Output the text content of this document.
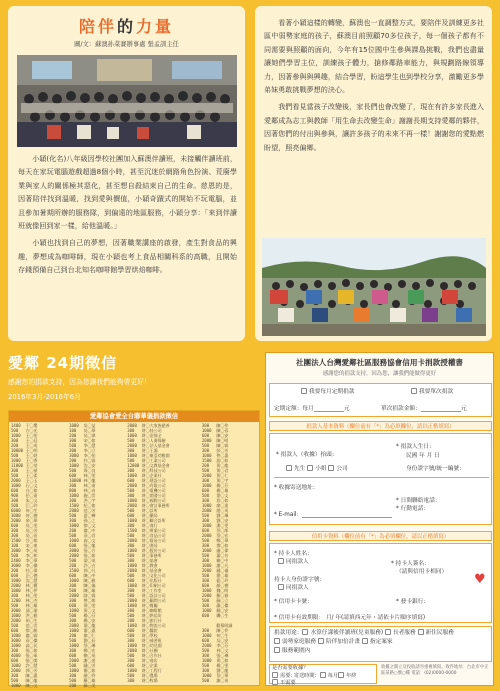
陪伴的力量
圖/文：蘇澳孙菜賽辦事處 張孟訓主任

小穎(化名)八年級因學校社團加入蘇澳伴讀班，未接觸伴讀班前，每天在家玩電腦遊戲超過8個小時，甚至沉迷於網路角色扮演、荒廢學業與家人的關係極其惡化，甚至想自殺結束自己的生命。慈恩的是，因著陪伴找到溫暖，找到愛與價值，小穎奇蹟式的開始不玩電腦，並且參加暑期所辦的服務隊，到偏遠的地區服務，小穎分享：「來到伴讀班就像回到家一樣，給他溫暖。」

小穎也找到自己的夢想，因著職業講座的啟發，產生對食品的興趣，夢想成為咖啡師，現在小穎也考上食品相關科系的高職，且開始存錢預備自己到台北知名咖啡館學習烘焙咖啡。

看著小穎這樣的轉變，蘇澳也一直調整方式，要陪伴及訓練更多社區中弱勢家庭的孩子，蘇澳目前照顧70多位孩子，每一個孩子都有不同需要與照顧的面向，今年有15位國中生參與課島挑戰，我們也盡量讓她們學習主位，訓練孩子體力，搶修鄰路車能力，與規劃路線領導力，因著參與與興趣，結合學習，盼這學生也到學校分享，激勵更多學弟妹勇敢挑戰夢想的決心。

我們看見當孩子改變後，家長們也會改變了，現在有許多家長進入愛鄰成為志工與教師「用生命去改變生命」謝謝長期支持愛鄰的夥伴，因著您們的付出與參與，讓許多孩子的未來不再一樣！謝謝您的愛點燃盼望，照亮偏鄉。

愛鄰 24期徵信
感謝您的捐款支持，因為您讓我們能夠帶更好！
2016年3月-2016年6月
愛鄰協會愛全台聯華儀捐款徵信
1400  于〇嬰
500   方〇光
1000  王〇怡
300   王〇廷
200   王〇英
10000 王〇明
500   王〇財
1000  王〇香
11000 王〇瑩
300   王〇禎
500   王〇柔
2000  王〇玉
1000  石〇文
600   白〇如
900   任〇嘉
300   朱〇文
500   江〇玲
6000  何〇生
3000  何〇德
2000  余〇華
600   吳〇雯
300   吳〇芳
300   吳〇田
1500  呂〇郎
100   宋〇東
1000  李〇英
500   李〇和
2400  李〇華
3000  李〇傑
200   杜〇偉
600   汪〇德
1000  沈〇慧
2000  林〇寶
1000  林〇伊
300   林〇雯
1200  林〇杰
500   林〇雄
3000  邱〇瑜
1000  洪〇雅
2000  胡〇生
500   范〇雲
600   徐〇勝
1000  翁〇霖
3000  袁〇傑
1000  高〇民
300   張〇如
4000  張〇軍
600   張〇閔
1000  許〇慧
2000  郭〇芳
300   陳〇惠
500   陳〇龍
1000  陳〇文
1000  吳〇益
100   吳〇華
200   吳〇澤
300   宋〇如
500   李〇慧
300   李〇立
3000  李〇怡
200   杜〇霖
1000  沈〇安
500   周〇良
600   林〇雯
10000 林〇龍
300   林〇南
800   林〇貞
1000  施〇雲
300   洪〇宇
1500  紀〇如
2000  范〇芳
500   夏〇樺
300   孫〇之
1000  徐〇文
200   翁〇中
500   袁〇君
1000  高〇文
600   張〇龍
3000  張〇方
2000  張〇如
500   梁〇英
200   許〇吉
1500  郭〇凡
600   陳〇中
1000  陳〇雅
300   陳〇儀
500   陳〇雄
2000  陸〇霖
300   曾〇郎
600   黃〇雯
1000  黃〇文
500   楊〇芬
300   楊〇安
2000  葉〇龍
1000  董〇惠
200   廖〇仁
500   劉〇辰
1000  蔡〇琳
300   鄭〇宏
600   賴〇英
2000  謝〇達
500   鍾〇芳
1000  簡〇如
300   顏〇伶
500   羅〇雄
200   蘇〇美
2000  財〇大家族慈善
300   財〇桂公司
1000  財〇安保全
500   財〇人壽保險
2000  財〇法人基金會
300   財〇王鴻
1000  財〇東亞幼稚園
500   財〇工業公司
12000 財〇文教基金會
300   財〇科技公司
1000  財〇企業社
600   財〇建設公司
2000  財〇有限公司
500   財〇電機公司
300   財〇開發公司
1000  財〇國際公司
2000  財〇會計事務所
500   財〇診所
600   財〇藥局
1000  財〇聯合診所
300   財〇商行
1500  財〇實業公司
500   財〇食品公司
2000  財〇貿易公司
300   財〇書局
1000  財〇股份公司
500   財〇事務所
300   財〇協會
1000  財〇教會
2000  財〇基金會
500   財〇文化公司
600   財〇出版社
1000  財〇印刷公司
300   財〇工作室
500   財〇設計公司
2000  財〇顧問公司
1000  財〇餐廳
300   財〇咖啡館
500   財〇烘焙坊
200   財〇旅行社
1000  財〇物流公司
600   財〇醫院
500   財〇學校
300   財〇補習班
1000  財〇幼兒園
2000  財〇社團
500   財〇合作社
300   財〇商店
600   財〇企業
1000  財〇工程行
500   財〇農場
300   財〇牧場
300   陳〇伶
1000  陳〇蓉
600   陳〇安
2000  陳〇明
500   陳〇霖
300   彭〇芳
1000  曾〇惠
1500  游〇如
200   黃〇龍
500   黃〇君
2000  黃〇仁
300   黃〇宇
1000  楊〇芬
600   楊〇雄
500   葉〇文
300   詹〇如
1000  廖〇達
2000  趙〇英
500   劉〇琳
300   劉〇安
1000  潘〇雯
600   蔡〇郎
2000  蔡〇宏
500   鄭〇華
300   鄧〇如
1000  盧〇偉
500   蕭〇芳
300   賴〇中
1000  謝〇凡
2000  鍾〇儀
500   簡〇雄
300   藍〇玲
600   顏〇德
1000  魏〇明
2000  羅〇雅
500   蘇〇立
300   嚴〇傑
1000  饒〇安
600   龔〇生

勸募明細
300   陳〇伶
1000  何〇生
600   吳〇安
2000  李〇芬
500   林〇文
300   張〇琳
1000  黃〇如
500   楊〇雯
300   劉〇龍
1000  蔡〇華
500   謝〇英
社團法人台灣愛鄰社區服務協會信用卡捐款授權書
感謝您的捐款支持，因為您，讓我們能做得更好
我要每月定期捐款	我要單次捐款
定期定額：每月	元	單次捐款金額：	元
捐款人基本資料（欄位前有「*」為必填欄位，請以正楷填寫）
* 捐款人（收據）抬頭：
先生 小姐 公司
* 捐款人生日：
民國 年 月 日
身份證字號/統一編號：
* 收據寄送地址：
* 日間聯絡電話：
* 行動電話：
* E-mail：
信用卡資料（欄位前有「*」為必填欄位，請以正楷填寫）
* 持卡人姓名：
同捐款人	* 持卡人簽名：
（請與信用卡相同）
持卡人身份證字號：
同捐款人
* 信用卡卡號：	* 發卡銀行：
* 信用卡有效期限： 月/ 年(請填西元年・請依卡片順序填寫)
捐款用途： 水算仔課後伴讀班(兒童服務) 長者服務 新住民服務
弱勢家庭服務 陪伴加倍計畫 指定案家
服務範圍內
是否需要收據？
需要: 寄送時間： 每月 年終
不需要
收據之開立及投收請勿重複填寫。收件地址：台北市中正區某路○號○樓 電話：(02)0000-0000
♥
